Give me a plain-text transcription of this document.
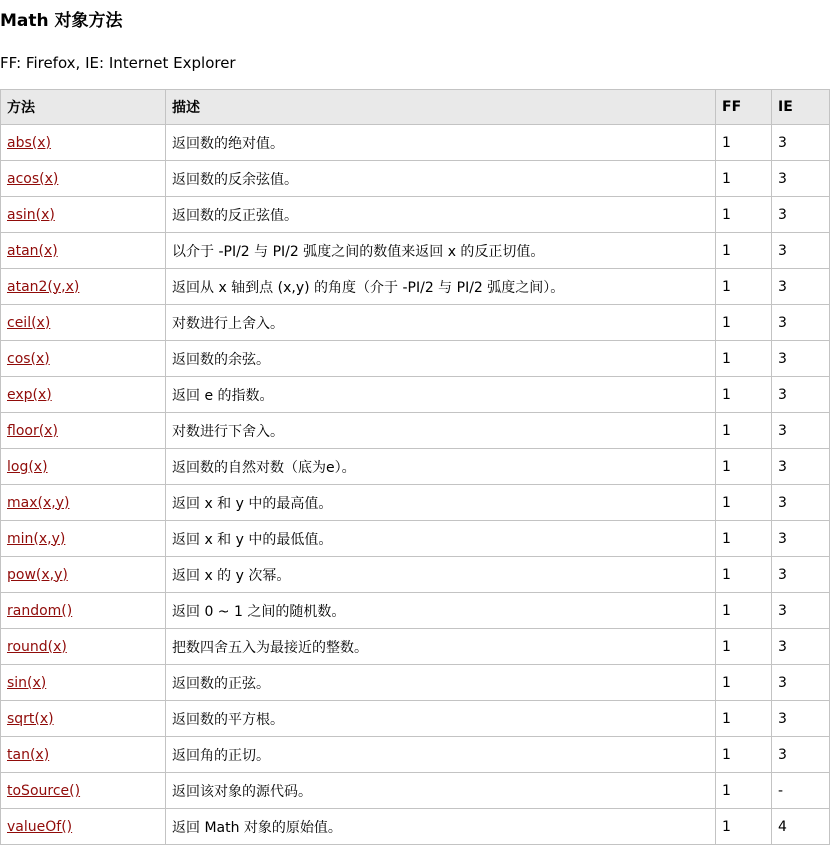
Math 对象方法

FF: Firefox, IE: Internet Explorer

方法	描述	FF	IE
abs(x)	返回数的绝对值。	1	3
acos(x)	返回数的反余弦值。	1	3
asin(x)	返回数的反正弦值。	1	3
atan(x)	以介于 -PI/2 与 PI/2 弧度之间的数值来返回 x 的反正切值。	1	3
atan2(y,x)	返回从 x 轴到点 (x,y) 的角度（介于 -PI/2 与 PI/2 弧度之间）。	1	3
ceil(x)	对数进行上舍入。	1	3
cos(x)	返回数的余弦。	1	3
exp(x)	返回 e 的指数。	1	3
floor(x)	对数进行下舍入。	1	3
log(x)	返回数的自然对数（底为e）。	1	3
max(x,y)	返回 x 和 y 中的最高值。	1	3
min(x,y)	返回 x 和 y 中的最低值。	1	3
pow(x,y)	返回 x 的 y 次幂。	1	3
random()	返回 0 ~ 1 之间的随机数。	1	3
round(x)	把数四舍五入为最接近的整数。	1	3
sin(x)	返回数的正弦。	1	3
sqrt(x)	返回数的平方根。	1	3
tan(x)	返回角的正切。	1	3
toSource()	返回该对象的源代码。	1	-
valueOf()	返回 Math 对象的原始值。	1	4
